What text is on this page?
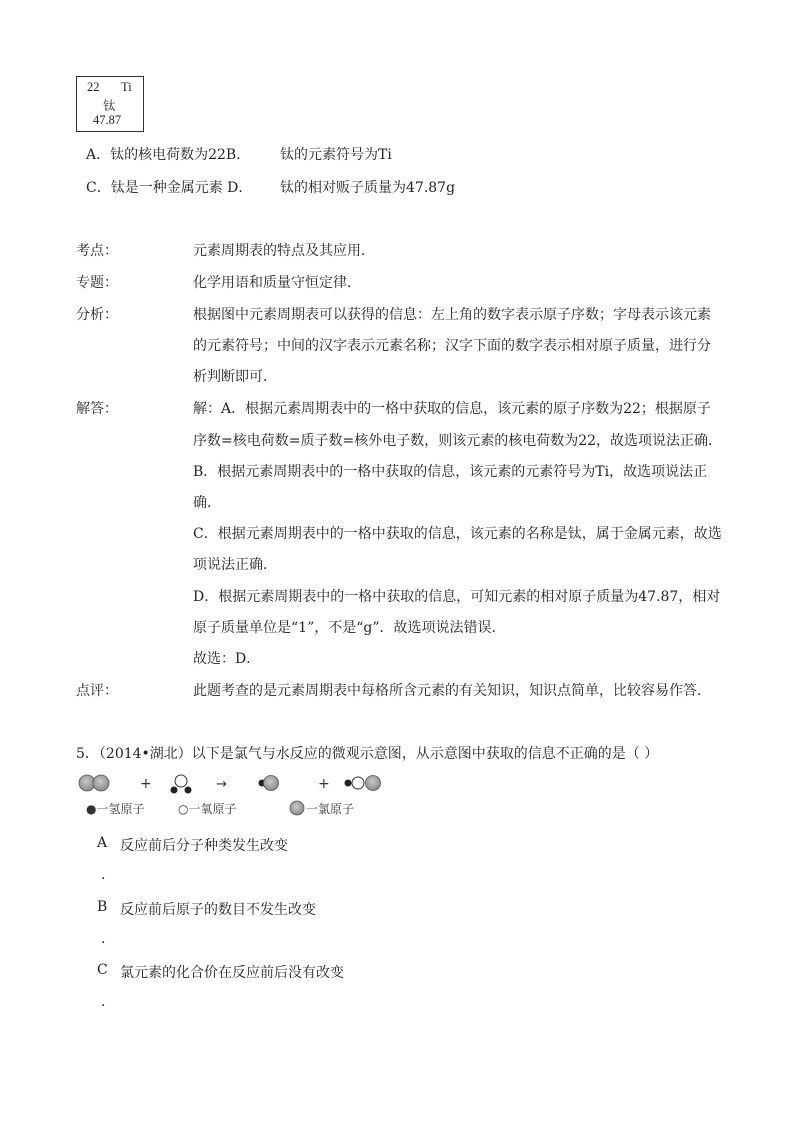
22 Ti
钛
47.87
A．钛的核电荷数为22B． 钛的元素符号为Ti
C．钛是一种金属元素 D． 钛的相对贩子质量为47.87g
考点：	元素周期表的特点及其应用．
专题：	化学用语和质量守恒定律．
分析：	根据图中元素周期表可以获得的信息：左上角的数字表示原子序数；字母表示该元素
的元素符号；中间的汉字表示元素名称；汉字下面的数字表示相对原子质量，进行分
析判断即可．
解答：	解：A．根据元素周期表中的一格中获取的信息，该元素的原子序数为22；根据原子
序数=核电荷数=质子数=核外电子数，则该元素的核电荷数为22，故选项说法正确．
B．根据元素周期表中的一格中获取的信息，该元素的元素符号为Ti，故选项说法正
确．
C．根据元素周期表中的一格中获取的信息，该元素的名称是钛，属于金属元素，故选
项说法正确．
D．根据元素周期表中的一格中获取的信息，可知元素的相对原子质量为47.87，相对
原子质量单位是“1”，不是“g”．故选项说法错误．
故选：D．
点评：	此题考查的是元素周期表中每格所含元素的有关知识，知识点简单，比较容易作答．
5．（2014•湖北）以下是氯气与水反应的微观示意图，从示意图中获取的信息不正确的是（ ）
+	→	+
●一氢原子	○一氧原子	一氯原子
A 反应前后分子种类发生改变
.
B 反应前后原子的数目不发生改变
.
C 氯元素的化合价在反应前后没有改变
.
